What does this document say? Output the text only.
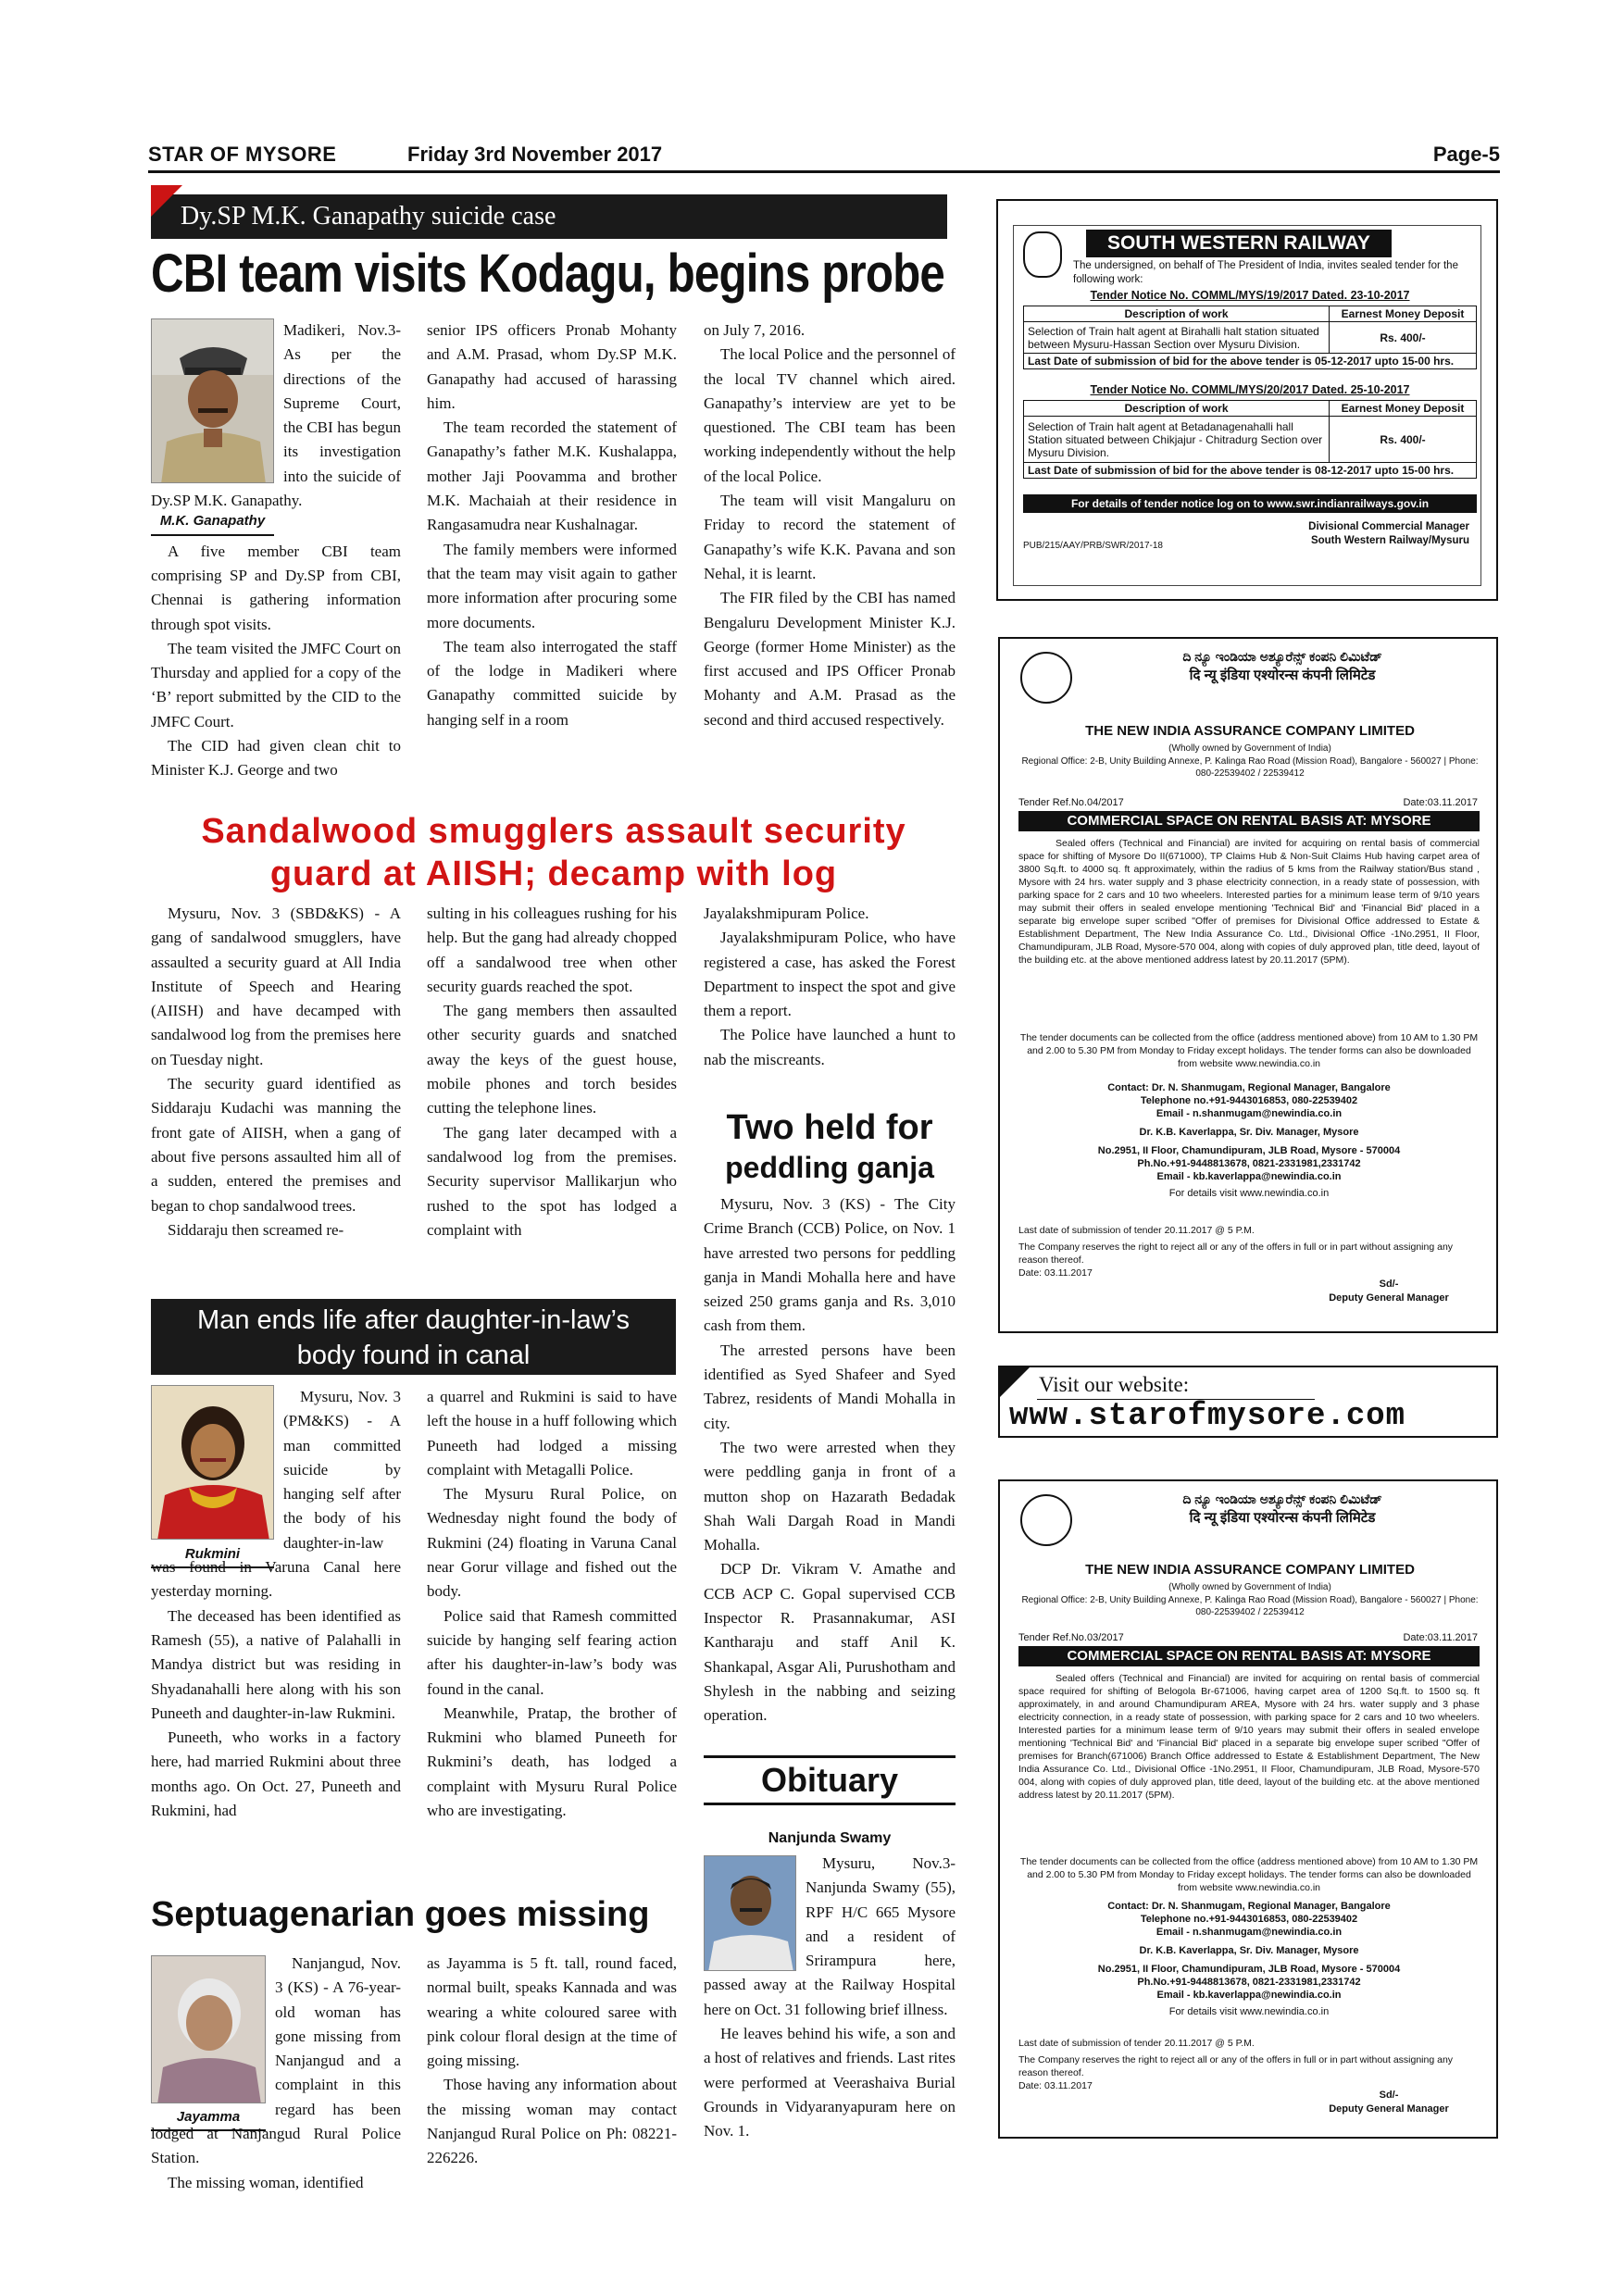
STAR OF MYSORE	Friday 3rd November 2017	Page-5
Dy.SP M.K. Ganapathy suicide case
CBI team visits Kodagu, begins probe

Madikeri, Nov.3- As per the directions of the Supreme Court, the CBI has begun its investigation into the suicide of Dy.SP M.K. Ganapathy.

M.K. Ganapathy

A five member CBI team comprising SP and Dy.SP from CBI, Chennai is gathering information through spot visits.

The team visited the JMFC Court on Thursday and applied for a copy of the ‘B’ report submitted by the CID to the JMFC Court.

The CID had given clean chit to Minister K.J. George and two

senior IPS officers Pronab Mohanty and A.M. Prasad, whom Dy.SP M.K. Ganapathy had accused of harassing him.

The team recorded the statement of Ganapathy’s father M.K. Kushalappa, mother Jaji Poovamma and brother M.K. Machaiah at their residence in Rangasamudra near Kushalnagar.

The family members were informed that the team may visit again to gather more information after procuring some more documents.

The team also interrogated the staff of the lodge in Madikeri where Ganapathy committed suicide by hanging self in a room

on July 7, 2016.

The local Police and the personnel of the local TV channel which aired. Ganapathy’s interview are yet to be questioned. The CBI team has been working independently without the help of the local Police.

The team will visit Mangaluru on Friday to record the statement of Ganapathy’s wife K.K. Pavana and son Nehal, it is learnt.

The FIR filed by the CBI has named Bengaluru Development Minister K.J. George (former Home Minister) as the first accused and IPS Officer Pronab Mohanty and A.M. Prasad as the second and third accused respectively.

Sandalwood smugglers assault security
guard at AIISH; decamp with log

Mysuru, Nov. 3 (SBD&KS) - A gang of sandalwood smugglers, have assaulted a security guard at All India Institute of Speech and Hearing (AIISH) and have decamped with sandalwood log from the premises here on Tuesday night.

The security guard identified as Siddaraju Kudachi was manning the front gate of AIISH, when a gang of about five persons assaulted him all of a sudden, entered the premises and began to chop sandalwood trees.

Siddaraju then screamed re-

sulting in his colleagues rushing for his help. But the gang had already chopped off a sandalwood tree when other security guards reached the spot.

The gang members then assaulted other security guards and snatched away the keys of the guest house, mobile phones and torch besides cutting the telephone lines.

The gang later decamped with a sandalwood log from the premises. Security supervisor Mallikarjun who rushed to the spot has lodged a complaint with

Jayalakshmipuram Police.

Jayalakshmipuram Police, who have registered a case, has asked the Forest Department to inspect the spot and give them a report.

The Police have launched a hunt to nab the miscreants.

Two held for
peddling ganja

Mysuru, Nov. 3 (KS) - The City Crime Branch (CCB) Police, on Nov. 1 have arrested two persons for peddling ganja in Mandi Mohalla here and have seized 250 grams ganja and Rs. 3,010 cash from them.

The arrested persons have been identified as Syed Shafeer and Syed Tabrez, residents of Mandi Mohalla in city.

The two were arrested when they were peddling ganja in front of a mutton shop on Hazarath Bedadak Shah Wali Dargah Road in Mandi Mohalla.

DCP Dr. Vikram V. Amathe and CCB ACP C. Gopal supervised CCB Inspector R. Prasannakumar, ASI Kantharaju and staff Anil K. Shankapal, Asgar Ali, Purushotham and Shylesh in the nabbing and seizing operation.

Man ends life after daughter-in-law’s
body found in canal

Mysuru, Nov. 3 (PM&KS) - A man committed suicide by hanging self after the body of his daughter-in-law was found in Varuna Canal here yesterday morning.

Rukmini

The deceased has been identified as Ramesh (55), a native of Palahalli in Mandya district but was residing in Shyadanahalli here along with his son Puneeth and daughter-in-law Rukmini.

Puneeth, who works in a factory here, had married Rukmini about three months ago. On Oct. 27, Puneeth and Rukmini, had

a quarrel and Rukmini is said to have left the house in a huff following which Puneeth had lodged a missing complaint with Metagalli Police.

The Mysuru Rural Police, on Wednesday night found the body of Rukmini (24) floating in Varuna Canal near Gorur village and fished out the body.

Police said that Ramesh committed suicide by hanging self fearing action after his daughter-in-law’s body was found in the canal.

Meanwhile, Pratap, the brother of Rukmini who blamed Puneeth for Rukmini’s death, has lodged a complaint with Mysuru Rural Police who are investigating.

Septuagenarian goes missing

Nanjangud, Nov. 3 (KS) - A 76-year-old woman has gone missing from Nanjangud and a complaint in this regard has been lodged at Nanjangud Rural Police Station.

Jayamma

The missing woman, identified

as Jayamma is 5 ft. tall, round faced, normal built, speaks Kannada and was wearing a white coloured saree with pink colour floral design at the time of going missing.

Those having any information about the missing woman may contact Nanjangud Rural Police on Ph: 08221-226226.

Obituary
Nanjunda Swamy

Mysuru, Nov.3- Nanjunda Swamy (55), RPF H/C 665 Mysore and a resident of Srirampura here, passed away at the Railway Hospital here on Oct. 31 following brief illness.

He leaves behind his wife, a son and a host of relatives and friends. Last rites were performed at Veerashaiva Burial Grounds in Vidyaranyapuram here on Nov. 1.

SOUTH WESTERN RAILWAY
The undersigned, on behalf of The President of India, invites sealed tender for the following work:
Tender Notice No. COMML/MYS/19/2017 Dated. 23-10-2017
Description of work	Earnest Money Deposit
Selection of Train halt agent at Birahalli halt station situated between Mysuru-Hassan Section over Mysuru Division.	Rs. 400/-
Last Date of submission of bid for the above tender is 05-12-2017 upto 15-00 hrs.	
Tender Notice No. COMML/MYS/20/2017 Dated. 25-10-2017
Description of work	Earnest Money Deposit
Selection of Train halt agent at Betadanagenahalli hall Station situated between Chikjajur - Chitradurg Section over Mysuru Division.	Rs. 400/-
Last Date of submission of bid for the above tender is 08-12-2017 upto 15-00 hrs.	
For details of tender notice log on to www.swr.indianrailways.gov.in
Divisional Commercial Manager
South Western Railway/Mysuru
PUB/215/AAY/PRB/SWR/2017-18
ದಿ ನ್ಯೂ ಇಂಡಿಯಾ ಅಶ್ಯೂರೆನ್ಸ್ ಕಂಪನಿ ಲಿಮಿಟೆಡ್
दि न्यू इंडिया एश्योरन्स कंपनी लिमिटेड
THE NEW INDIA ASSURANCE COMPANY LIMITED
(Wholly owned by Government of India)
Regional Office: 2-B, Unity Building Annexe, P. Kalinga Rao Road (Mission Road), Bangalore - 560027 | Phone: 080-22539402 / 22539412
Tender Ref.No.04/2017	Date:03.11.2017
COMMERCIAL SPACE ON RENTAL BASIS AT: MYSORE
Sealed offers (Technical and Financial) are invited for acquiring on rental basis of commercial space for shifting of Mysore Do II(671000), TP Claims Hub & Non-Suit Claims Hub having carpet area of 3800 Sq.ft. to 4000 sq. ft approximately, within the radius of 5 kms from the Railway station/Bus stand , Mysore with 24 hrs. water supply and 3 phase electricity connection, in a ready state of possession, with parking space for 2 cars and 10 two wheelers. Interested parties for a minimum lease term of 9/10 years may submit their offers in sealed envelope mentioning 'Technical Bid' and 'Financial Bid' placed in a separate big envelope super scribed "Offer of premises for Divisional Office addressed to Estate & Establishment Department, The New India Assurance Co. Ltd., Divisional Office -1No.2951, II Floor, Chamundipuram, JLB Road, Mysore-570 004, along with copies of duly approved plan, title deed, layout of the building etc. at the above mentioned address latest by 20.11.2017 (5PM).
The tender documents can be collected from the office (address mentioned above) from 10 AM to 1.30 PM and 2.00 to 5.30 PM from Monday to Friday except holidays. The tender forms can also be downloaded from website www.newindia.co.in
Contact: Dr. N. Shanmugam, Regional Manager, Bangalore
Telephone no.+91-9443016853, 080-22539402
Email - n.shanmugam@newindia.co.in
Dr. K.B. Kaverlappa, Sr. Div. Manager, Mysore
No.2951, II Floor, Chamundipuram, JLB Road, Mysore - 570004
Ph.No.+91-9448813678, 0821-2331981,2331742
Email - kb.kaverlappa@newindia.co.in
For details visit www.newindia.co.in
Last date of submission of tender 20.11.2017 @ 5 P.M.
The Company reserves the right to reject all or any of the offers in full or in part without assigning any reason thereof.
Date: 03.11.2017
Sd/-
Deputy General Manager
Visit our website:
www.starofmysore.com
ದಿ ನ್ಯೂ ಇಂಡಿಯಾ ಅಶ್ಯೂರೆನ್ಸ್ ಕಂಪನಿ ಲಿಮಿಟೆಡ್
दि न्यू इंडिया एश्योरन्स कंपनी लिमिटेड
THE NEW INDIA ASSURANCE COMPANY LIMITED
(Wholly owned by Government of India)
Regional Office: 2-B, Unity Building Annexe, P. Kalinga Rao Road (Mission Road), Bangalore - 560027 | Phone: 080-22539402 / 22539412
Tender Ref.No.03/2017	Date:03.11.2017
COMMERCIAL SPACE ON RENTAL BASIS AT: MYSORE
Sealed offers (Technical and Financial) are invited for acquiring on rental basis of commercial space required for shifting of Belogola Br-671006, having carpet area of 1200 Sq.ft. to 1500 sq. ft approximately, in and around Chamundipuram AREA, Mysore with 24 hrs. water supply and 3 phase electricity connection, in a ready state of possession, with parking space for 2 cars and 10 two wheelers. Interested parties for a minimum lease term of 9/10 years may submit their offers in sealed envelope mentioning 'Technical Bid' and 'Financial Bid' placed in a separate big envelope super scribed "Offer of premises for Branch(671006) Branch Office addressed to Estate & Establishment Department, The New India Assurance Co. Ltd., Divisional Office -1No.2951, II Floor, Chamundipuram, JLB Road, Mysore-570 004, along with copies of duly approved plan, title deed, layout of the building etc. at the above mentioned address latest by 20.11.2017 (5PM).
The tender documents can be collected from the office (address mentioned above) from 10 AM to 1.30 PM and 2.00 to 5.30 PM from Monday to Friday except holidays. The tender forms can also be downloaded from website www.newindia.co.in
Contact: Dr. N. Shanmugam, Regional Manager, Bangalore
Telephone no.+91-9443016853, 080-22539402
Email - n.shanmugam@newindia.co.in
Dr. K.B. Kaverlappa, Sr. Div. Manager, Mysore
No.2951, II Floor, Chamundipuram, JLB Road, Mysore - 570004
Ph.No.+91-9448813678, 0821-2331981,2331742
Email - kb.kaverlappa@newindia.co.in
For details visit www.newindia.co.in
Last date of submission of tender 20.11.2017 @ 5 P.M.
The Company reserves the right to reject all or any of the offers in full or in part without assigning any reason thereof.
Date: 03.11.2017
Sd/-
Deputy General Manager
